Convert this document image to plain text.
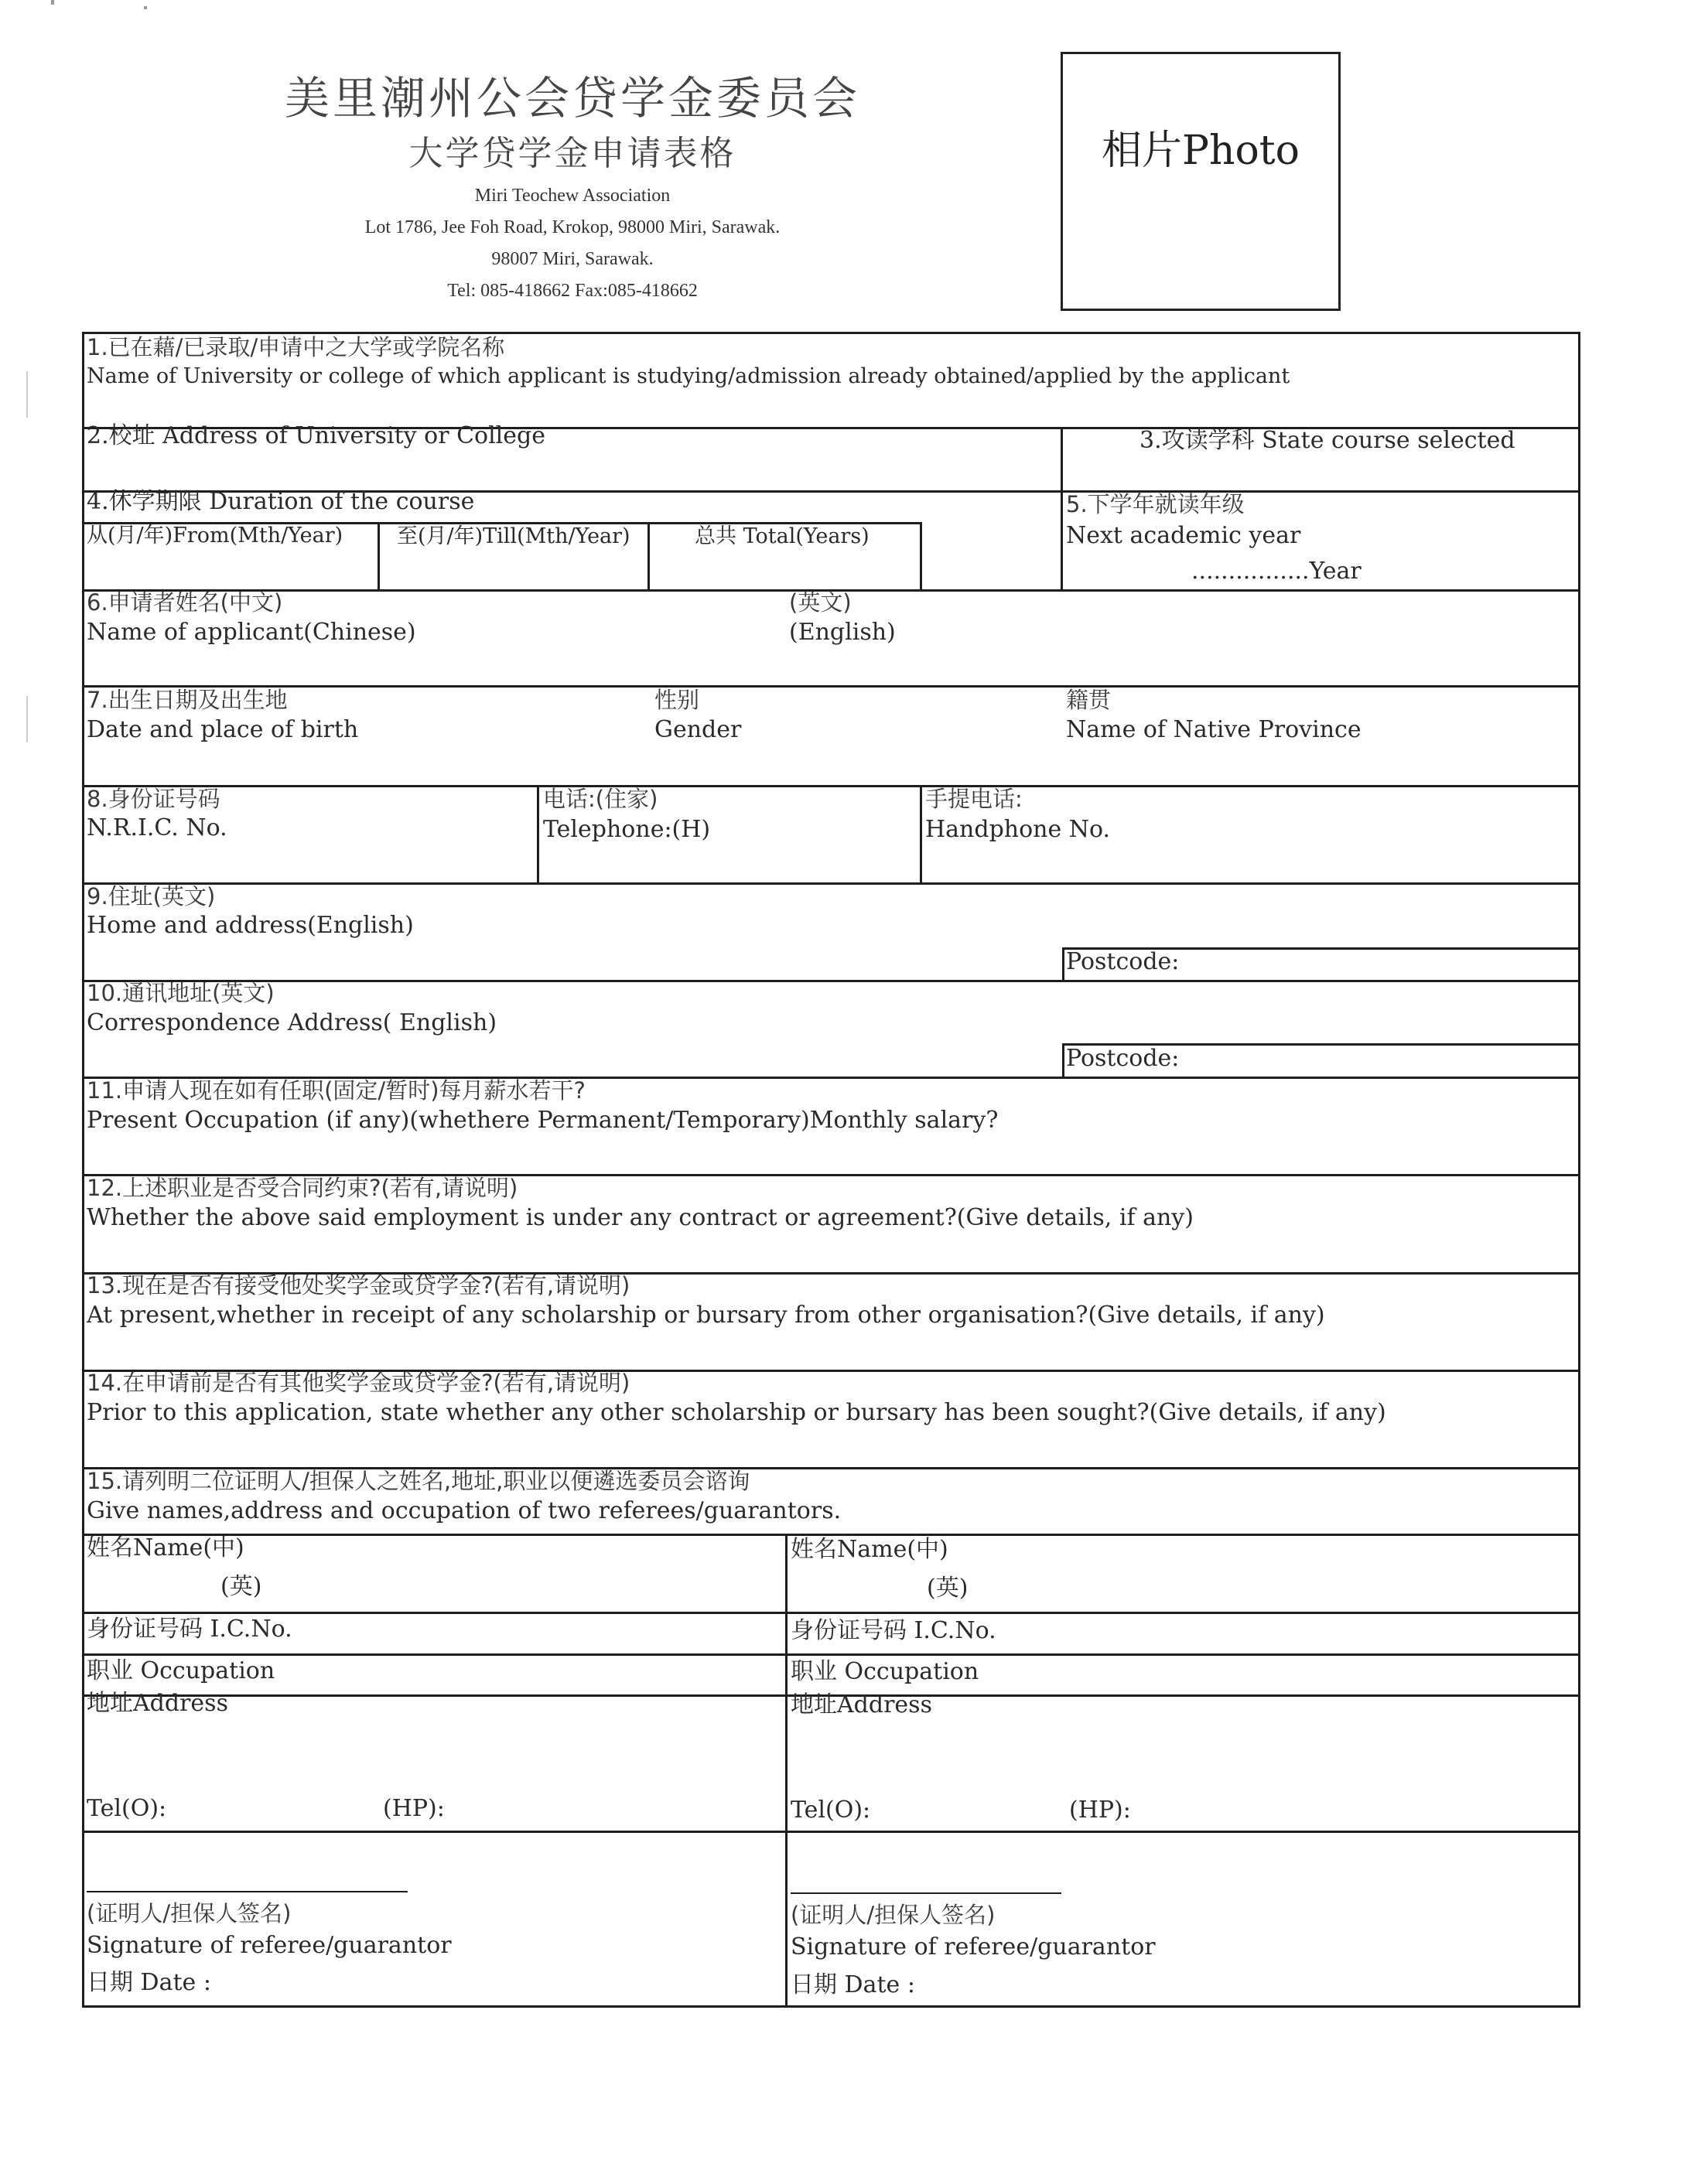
美里潮州公会贷学金委员会
大学贷学金申请表格
Miri Teochew Association
Lot 1786, Jee Foh Road, Krokop, 98000 Miri, Sarawak.
98007 Miri, Sarawak.
Tel: 085-418662 Fax:085-418662
相片Photo
1.已在藉/已录取/申请中之大学或学院名称
Name of University or college of which applicant is studying/admission already obtained/applied by the applicant
2.校址 Address of University or College	3.攻读学科 State course selected
4.休学期限 Duration of the course
从(月/年)From(Mth/Year)	至(月/年)Till(Mth/Year)	总共 Total(Years)
5.下学年就读年级
Next academic year
................Year
6.申请者姓名(中文)
Name of applicant(Chinese)
(英文)
(English)
7.出生日期及出生地
Date and place of birth
性别
Gender
籍贯
Name of Native Province
8.身份证号码
N.R.I.C. No.
电话:(住家)
Telephone:(H)
手提电话:
Handphone No.
9.住址(英文)
Home and address(English)
Postcode:
10.通讯地址(英文)
Correspondence Address( English)
Postcode:
11.申请人现在如有任职(固定/暂时)每月薪水若干?
Present Occupation (if any)(whethere Permanent/Temporary)Monthly salary?
12.上述职业是否受合同约束?(若有,请说明)
Whether the above said employment is under any contract or agreement?(Give details, if any)
13.现在是否有接受他处奖学金或贷学金?(若有,请说明)
At present,whether in receipt of any scholarship or bursary from other organisation?(Give details, if any)
14.在申请前是否有其他奖学金或贷学金?(若有,请说明)
Prior to this application, state whether any other scholarship or bursary has been sought?(Give details, if any)
15.请列明二位证明人/担保人之姓名,地址,职业以便遴选委员会谘询
Give names,address and occupation of two referees/guarantors.
姓名Name(中)
(英)
身份证号码 I.C.No.
职业 Occupation
地址Address
Tel(O):	(HP):
(证明人/担保人签名)
Signature of referee/guarantor
日期 Date :
姓名Name(中)
(英)
身份证号码 I.C.No.
职业 Occupation
地址Address
Tel(O):	(HP):
(证明人/担保人签名)
Signature of referee/guarantor
日期 Date :
